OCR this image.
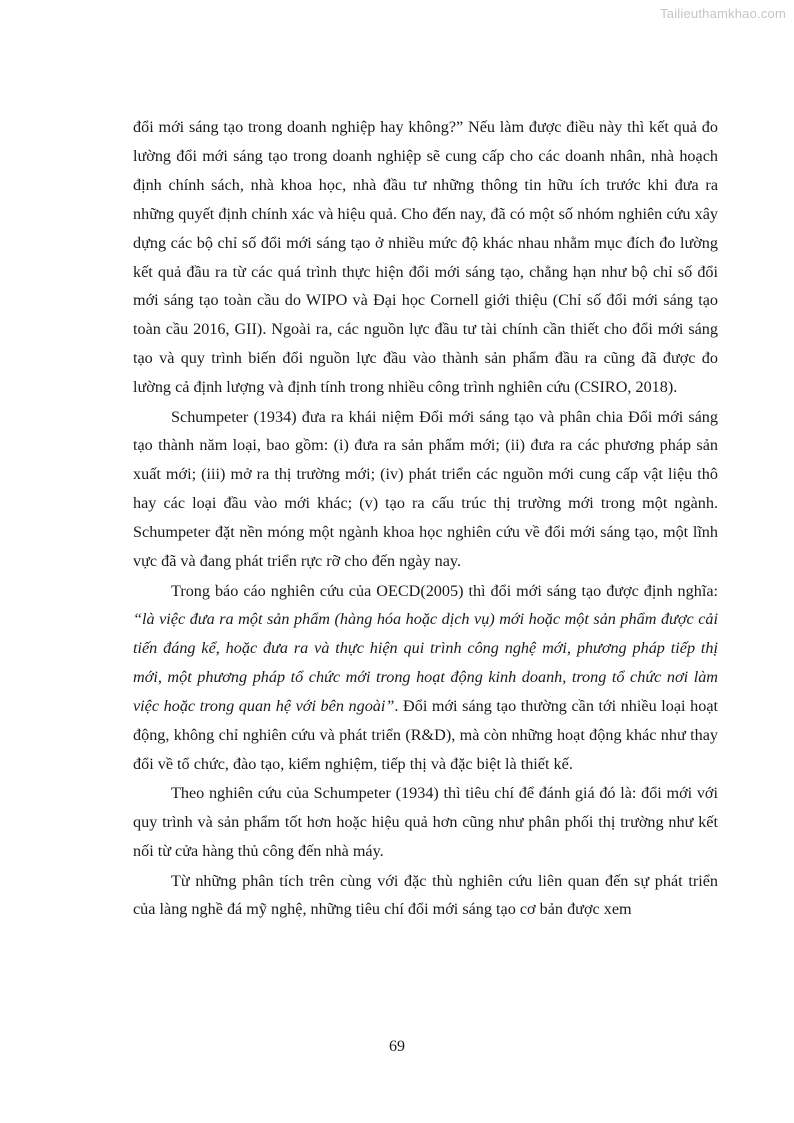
Tailieuthamkhao.com

đổi mới sáng tạo trong doanh nghiệp hay không?” Nếu làm được điều này thì kết quả đo lường đổi mới sáng tạo trong doanh nghiệp sẽ cung cấp cho các doanh nhân, nhà hoạch định chính sách, nhà khoa học, nhà đầu tư những thông tin hữu ích trước khi đưa ra những quyết định chính xác và hiệu quả. Cho đến nay, đã có một số nhóm nghiên cứu xây dựng các bộ chỉ số đổi mới sáng tạo ở nhiều mức độ khác nhau nhằm mục đích đo lường kết quả đầu ra từ các quá trình thực hiện đổi mới sáng tạo, chẳng hạn như bộ chỉ số đổi mới sáng tạo toàn cầu do WIPO và Đại học Cornell giới thiệu (Chỉ số đổi mới sáng tạo toàn cầu 2016, GII). Ngoài ra, các nguồn lực đầu tư tài chính cần thiết cho đổi mới sáng tạo và quy trình biến đổi nguồn lực đầu vào thành sản phẩm đầu ra cũng đã được đo lường cả định lượng và định tính trong nhiều công trình nghiên cứu (CSIRO, 2018).

Schumpeter (1934) đưa ra khái niệm Đổi mới sáng tạo và phân chia Đổi mới sáng tạo thành năm loại, bao gồm: (i) đưa ra sản phẩm mới; (ii) đưa ra các phương pháp sản xuất mới; (iii) mở ra thị trường mới; (iv) phát triển các nguồn mới cung cấp vật liệu thô hay các loại đầu vào mới khác; (v) tạo ra cấu trúc thị trường mới trong một ngành. Schumpeter đặt nền móng một ngành khoa học nghiên cứu về đổi mới sáng tạo, một lĩnh vực đã và đang phát triển rực rỡ cho đến ngày nay.

Trong báo cáo nghiên cứu của OECD(2005) thì đổi mới sáng tạo được định nghĩa: “là việc đưa ra một sản phẩm (hàng hóa hoặc dịch vụ) mới hoặc một sản phẩm được cải tiến đáng kể, hoặc đưa ra và thực hiện qui trình công nghệ mới, phương pháp tiếp thị mới, một phương pháp tổ chức mới trong hoạt động kinh doanh, trong tổ chức nơi làm việc hoặc trong quan hệ với bên ngoài”. Đổi mới sáng tạo thường cần tới nhiều loại hoạt động, không chỉ nghiên cứu và phát triển (R&D), mà còn những hoạt động khác như thay đổi về tổ chức, đào tạo, kiểm nghiệm, tiếp thị và đặc biệt là thiết kế.

Theo nghiên cứu của Schumpeter (1934) thì tiêu chí để đánh giá đó là: đổi mới với quy trình và sản phẩm tốt hơn hoặc hiệu quả hơn cũng như phân phối thị trường như kết nối từ cửa hàng thủ công đến nhà máy.

Từ những phân tích trên cùng với đặc thù nghiên cứu liên quan đến sự phát triển của làng nghề đá mỹ nghệ, những tiêu chí đổi mới sáng tạo cơ bản được xem

69
